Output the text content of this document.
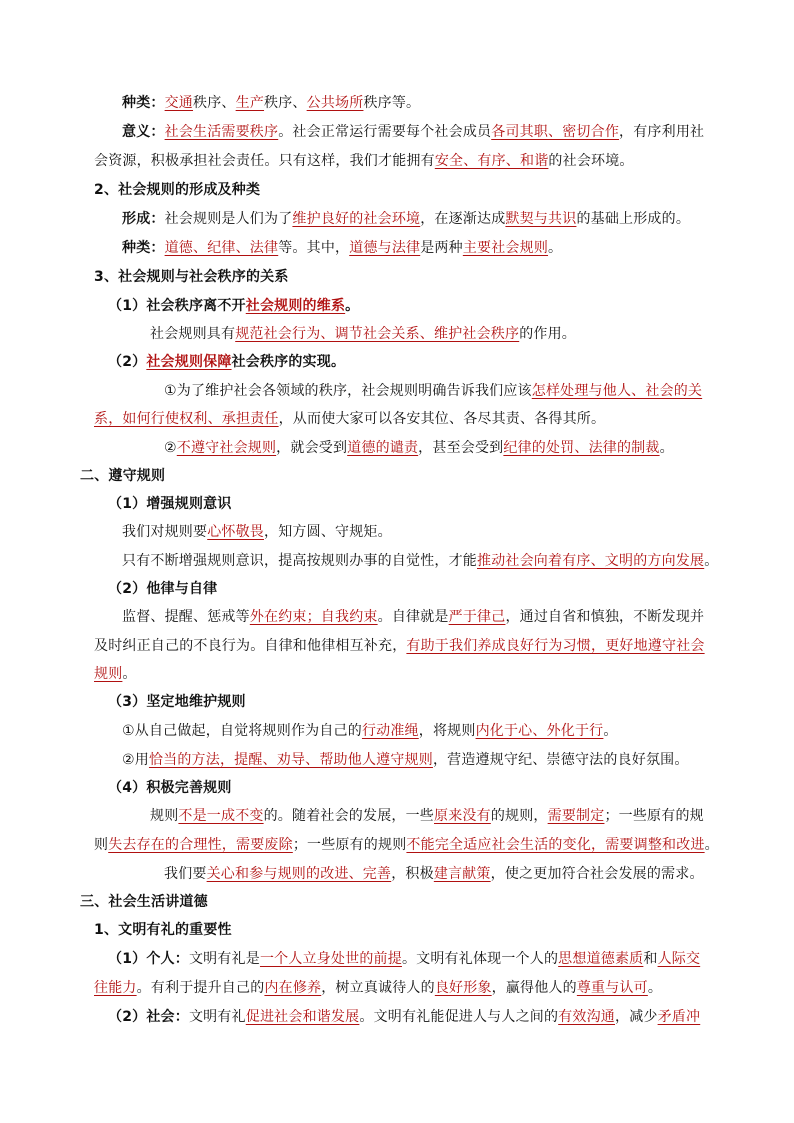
种类：交通秩序、生产秩序、公共场所秩序等。
意义：社会生活需要秩序。社会正常运行需要每个社会成员各司其职、密切合作，有序利用社
会资源，积极承担社会责任。只有这样，我们才能拥有安全、有序、和谐的社会环境。
2、社会规则的形成及种类
形成：社会规则是人们为了维护良好的社会环境，在逐渐达成默契与共识的基础上形成的。
种类：道德、纪律、法律等。其中，道德与法律是两种主要社会规则。
3、社会规则与社会秩序的关系
（1）社会秩序离不开社会规则的维系。
社会规则具有规范社会行为、调节社会关系、维护社会秩序的作用。
（2）社会规则保障社会秩序的实现。
①为了维护社会各领域的秩序，社会规则明确告诉我们应该怎样处理与他人、社会的关
系，如何行使权利、承担责任，从而使大家可以各安其位、各尽其责、各得其所。
②不遵守社会规则，就会受到道德的谴责，甚至会受到纪律的处罚、法律的制裁。
二、遵守规则
（1）增强规则意识
我们对规则要心怀敬畏，知方圆、守规矩。
只有不断增强规则意识，提高按规则办事的自觉性，才能推动社会向着有序、文明的方向发展。
（2）他律与自律
监督、提醒、惩戒等外在约束；自我约束。自律就是严于律己，通过自省和慎独，不断发现并
及时纠正自己的不良行为。自律和他律相互补充，有助于我们养成良好行为习惯，更好地遵守社会
规则。
（3）坚定地维护规则
①从自己做起，自觉将规则作为自己的行动准绳，将规则内化于心、外化于行。
②用恰当的方法，提醒、劝导、帮助他人遵守规则，营造遵规守纪、崇德守法的良好氛围。
（4）积极完善规则
规则不是一成不变的。随着社会的发展，一些原来没有的规则，需要制定；一些原有的规
则失去存在的合理性，需要废除；一些原有的规则不能完全适应社会生活的变化，需要调整和改进。
我们要关心和参与规则的改进、完善，积极建言献策，使之更加符合社会发展的需求。
三、社会生活讲道德
1、文明有礼的重要性
（1）个人：文明有礼是一个人立身处世的前提。文明有礼体现一个人的思想道德素质和人际交
往能力。有利于提升自己的内在修养，树立真诚待人的良好形象，赢得他人的尊重与认可。
（2）社会：文明有礼促进社会和谐发展。文明有礼能促进人与人之间的有效沟通，减少矛盾冲
